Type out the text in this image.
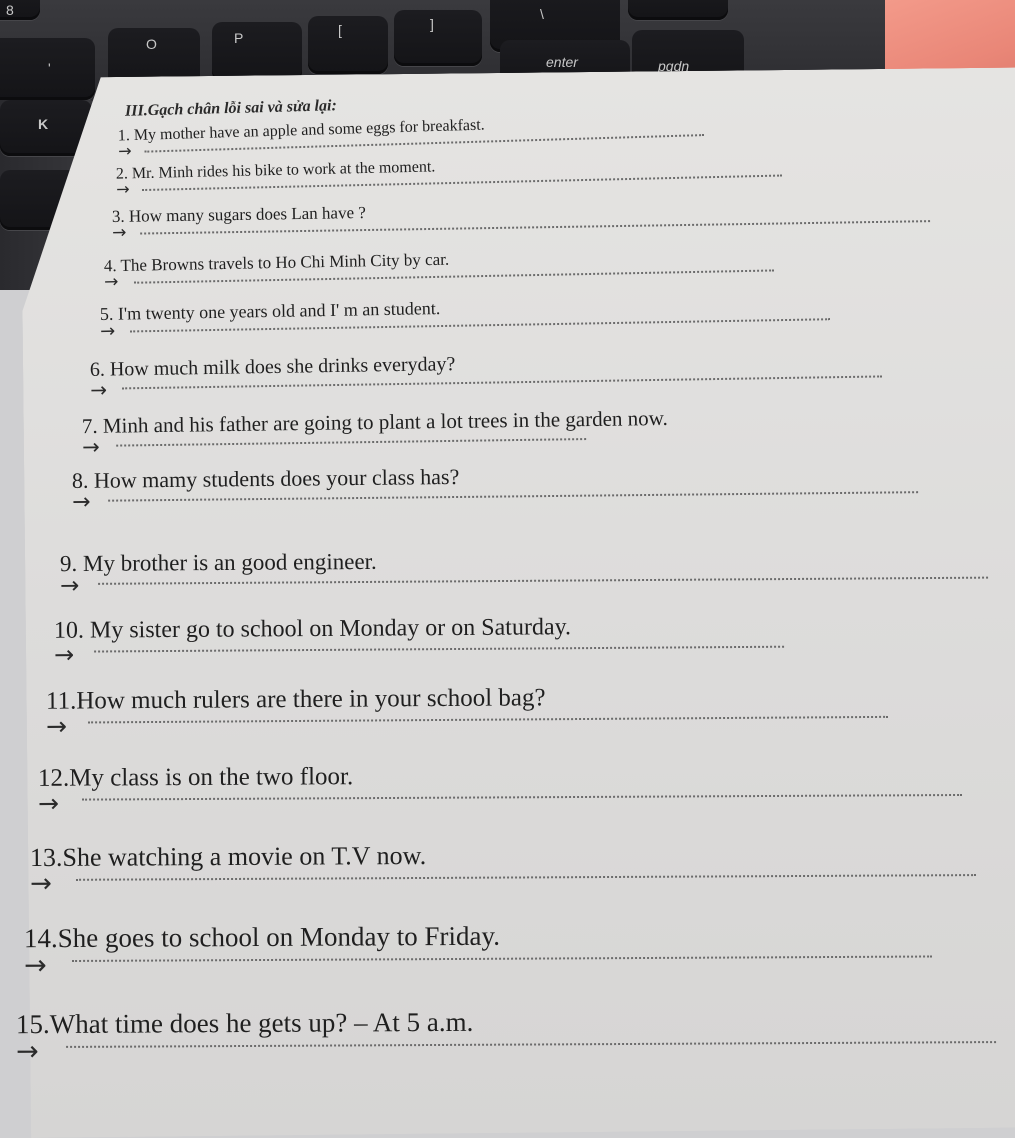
8
'
O	P	[	]
\
enter	pgdn
K
III.Gạch chân lỗi sai và sửa lại:
1. My mother have an apple and some eggs for breakfast.
→
2. Mr. Minh rides his bike to work at the moment.
→
3. How many sugars does Lan have ?
→
4. The Browns travels to Ho Chi Minh City by car.
→
5. I'm twenty one years old and I' m an student.
→
6. How much milk does she drinks everyday?
→
7. Minh and his father are going to plant a lot trees in the garden now.
→
8. How mamy students does your class has?
→
9. My brother is an good engineer.
→
10. My sister go to school on Monday or on Saturday.
→
11.How much rulers are there in your school bag?
→
12.My class is on the two floor.
→
13.She watching a movie on T.V now.
→
14.She goes to school on Monday to Friday.
→
15.What time does he gets up? – At 5 a.m.
→
